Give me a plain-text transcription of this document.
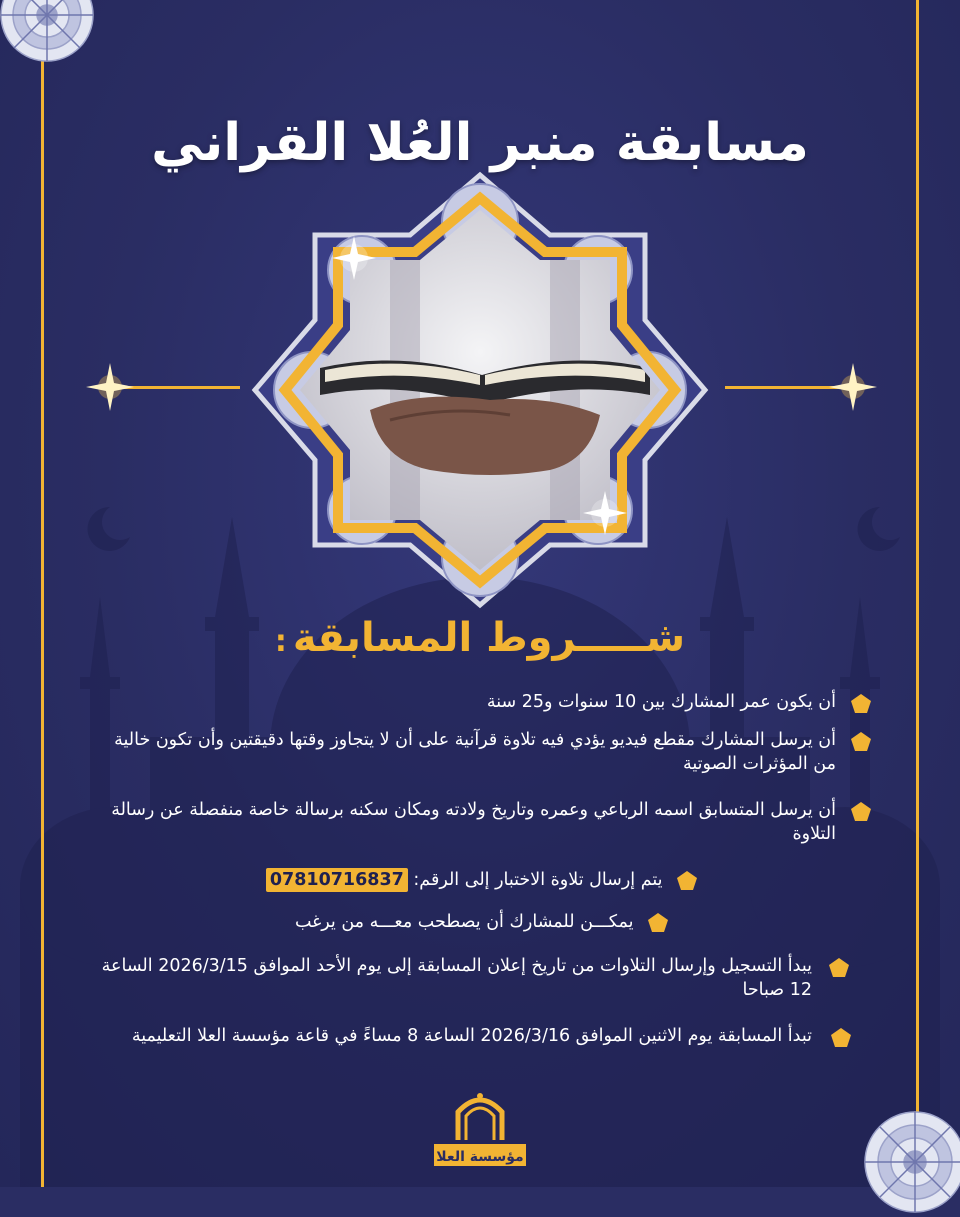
مسابقة منبر العُلا القراني
شـــــروط المسابقة:
أن يكون عمر المشارك بين 10 سنوات و25 سنة
أن يرسل المشارك مقطع فيديو يؤدي فيه تلاوة قرآنية على أن لا يتجاوز وقتها دقيقتين وأن تكون خالية من المؤثرات الصوتية
أن يرسل المتسابق اسمه الرباعي وعمره وتاريخ ولادته ومكان سكنه برسالة خاصة منفصلة عن رسالة التلاوة
يتم إرسال تلاوة الاختبار إلى الرقم: 07810716837
يمكـــن للمشارك أن يصطحب معـــه من يرغب
يبدأ التسجيل وإرسال التلاوات من تاريخ إعلان المسابقة إلى يوم الأحد الموافق 2026/3/15 الساعة 12 صباحا
تبدأ المسابقة يوم الاثنين الموافق 2026/3/16 الساعة 8 مساءً في قاعة مؤسسة العلا التعليمية
مؤسسة العلا
